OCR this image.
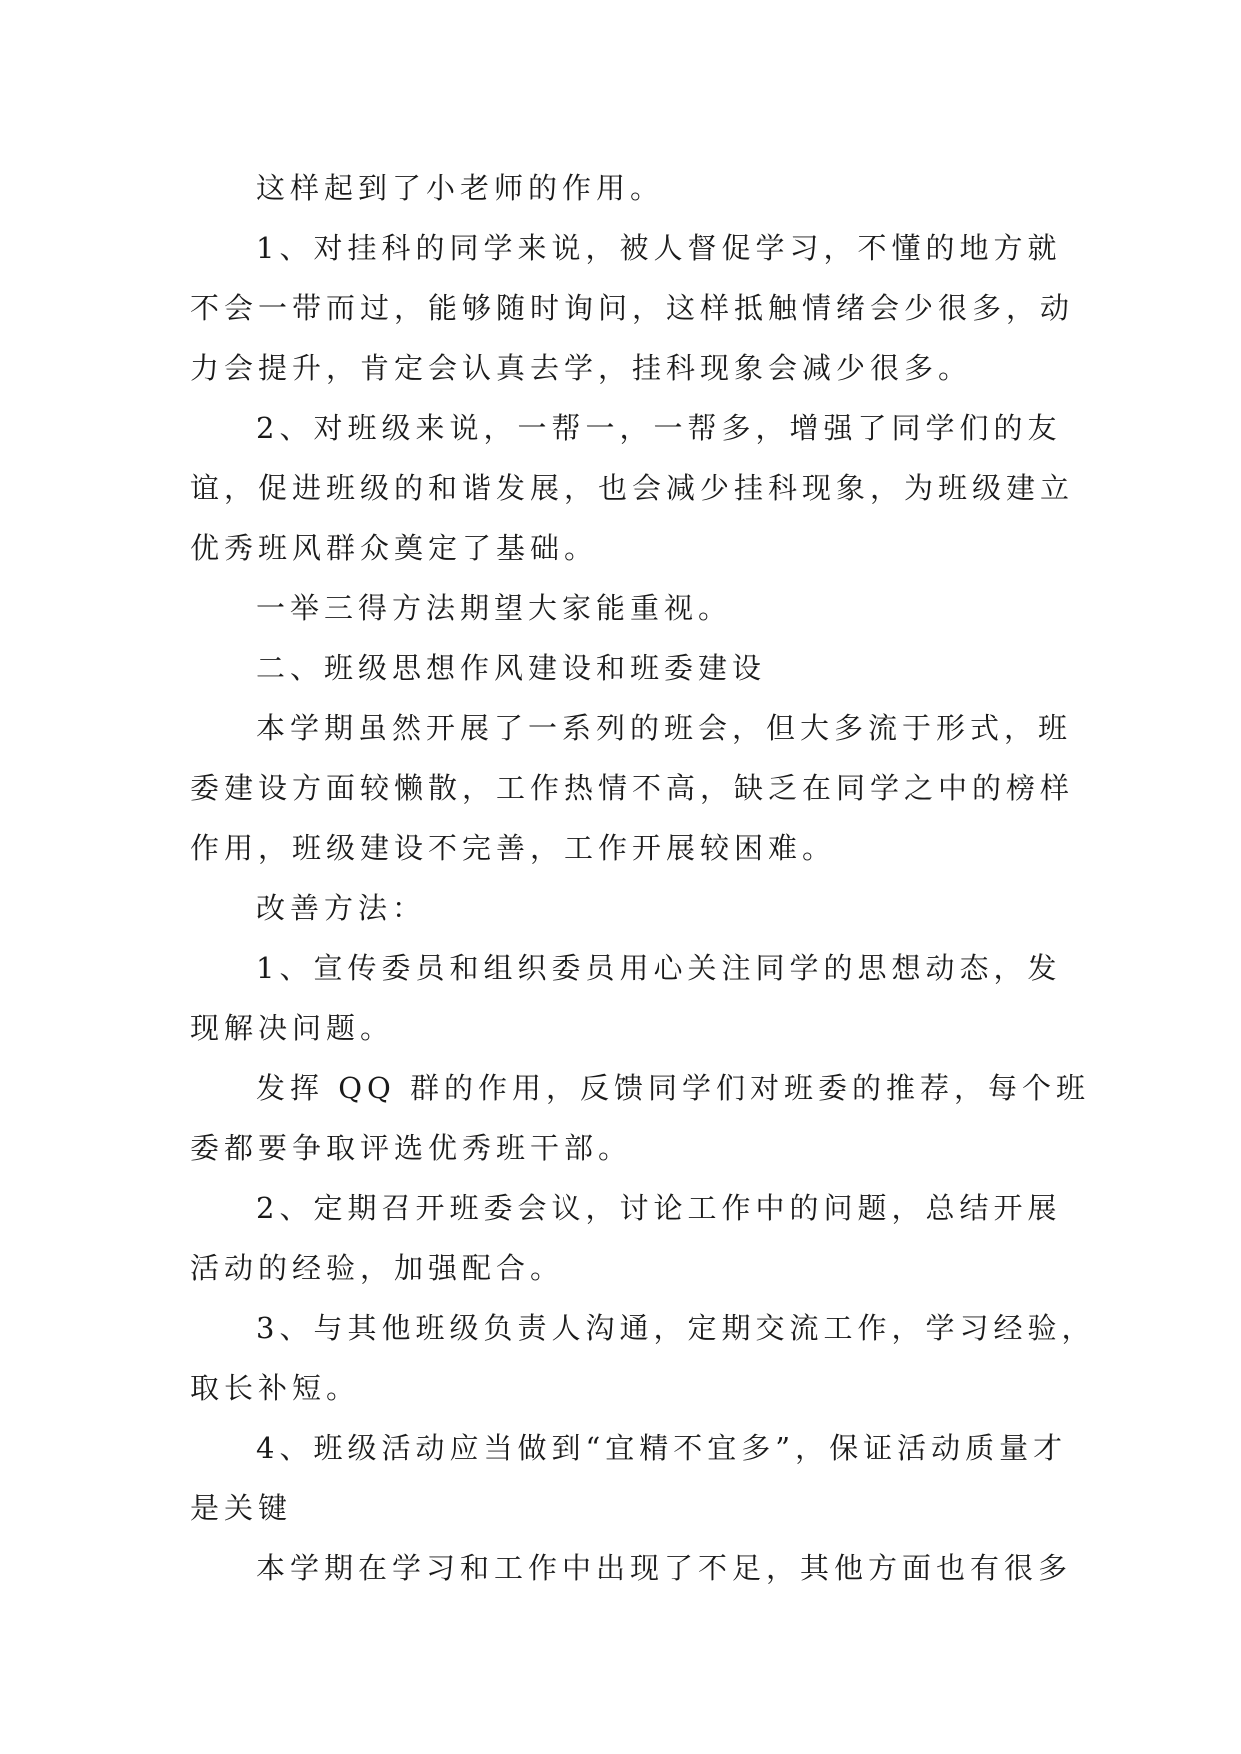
这样起到了小老师的作用。

1、对挂科的同学来说，被人督促学习，不懂的地方就
不会一带而过，能够随时询问，这样抵触情绪会少很多，动
力会提升，肯定会认真去学，挂科现象会减少很多。

2、对班级来说，一帮一，一帮多，增强了同学们的友
谊，促进班级的和谐发展，也会减少挂科现象，为班级建立
优秀班风群众奠定了基础。

一举三得方法期望大家能重视。

二、班级思想作风建设和班委建设

本学期虽然开展了一系列的班会，但大多流于形式，班
委建设方面较懒散，工作热情不高，缺乏在同学之中的榜样
作用，班级建设不完善，工作开展较困难。

改善方法：

1、宣传委员和组织委员用心关注同学的思想动态，发
现解决问题。

发挥 QQ 群的作用，反馈同学们对班委的推荐，每个班
委都要争取评选优秀班干部。

2、定期召开班委会议，讨论工作中的问题，总结开展
活动的经验，加强配合。

3、与其他班级负责人沟通，定期交流工作，学习经验，
取长补短。

4、班级活动应当做到“宜精不宜多”，保证活动质量才
是关键

本学期在学习和工作中出现了不足，其他方面也有很多
